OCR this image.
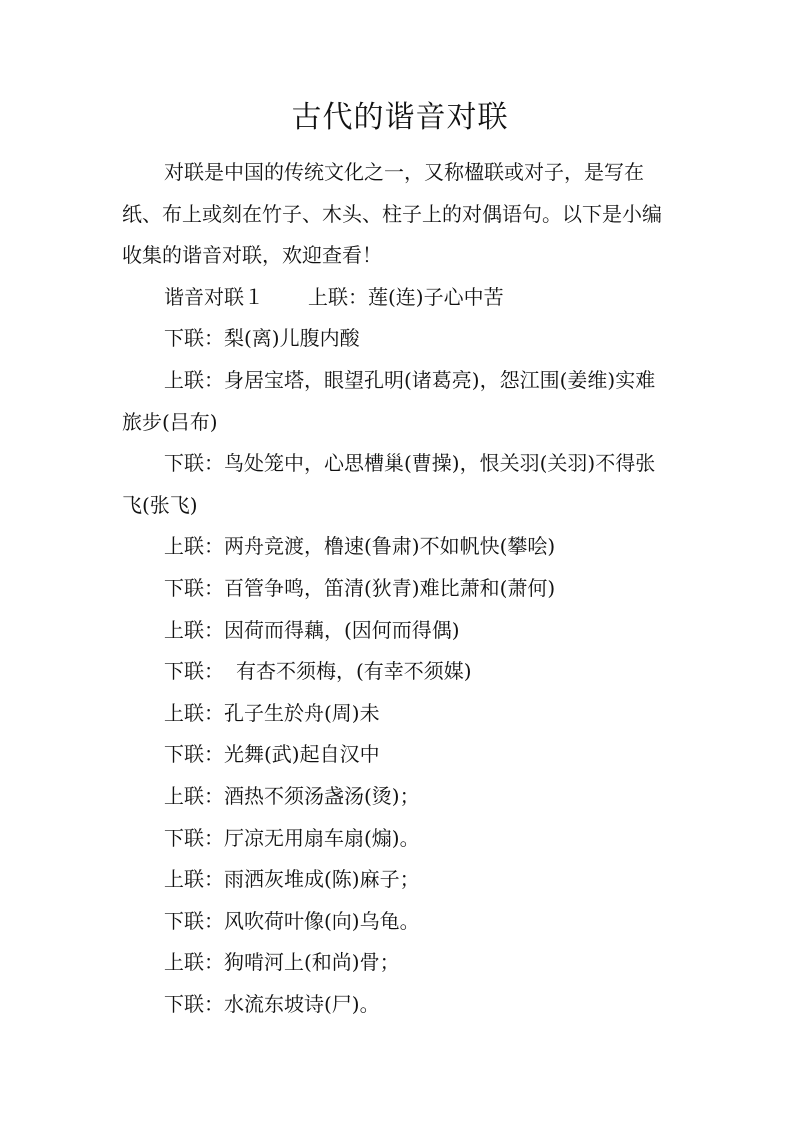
古代的谐音对联

对联是中国的传统文化之一，又称楹联或对子，是写在纸、布上或刻在竹子、木头、柱子上的对偶语句。以下是小编收集的谐音对联，欢迎查看！

谐音对联１ 上联：莲(连)子心中苦

下联：梨(离)儿腹内酸

上联：身居宝塔，眼望孔明(诸葛亮)，怨江围(姜维)实难旅步(吕布)

下联：鸟处笼中，心思槽巢(曹操)，恨关羽(关羽)不得张飞(张飞)

上联：两舟竞渡，橹速(鲁肃)不如帆快(攀哙)

下联：百管争鸣，笛清(狄青)难比萧和(萧何)

上联：因荷而得藕，(因何而得偶)

下联： 有杏不须梅，(有幸不须媒)

上联：孔子生於舟(周)未

下联：光舞(武)起自汉中

上联：酒热不须汤盏汤(烫)；

下联：厅凉无用扇车扇(煽)。

上联：雨洒灰堆成(陈)麻子；

下联：风吹荷叶像(向)乌龟。

上联：狗啃河上(和尚)骨；

下联：水流东坡诗(尸)。
